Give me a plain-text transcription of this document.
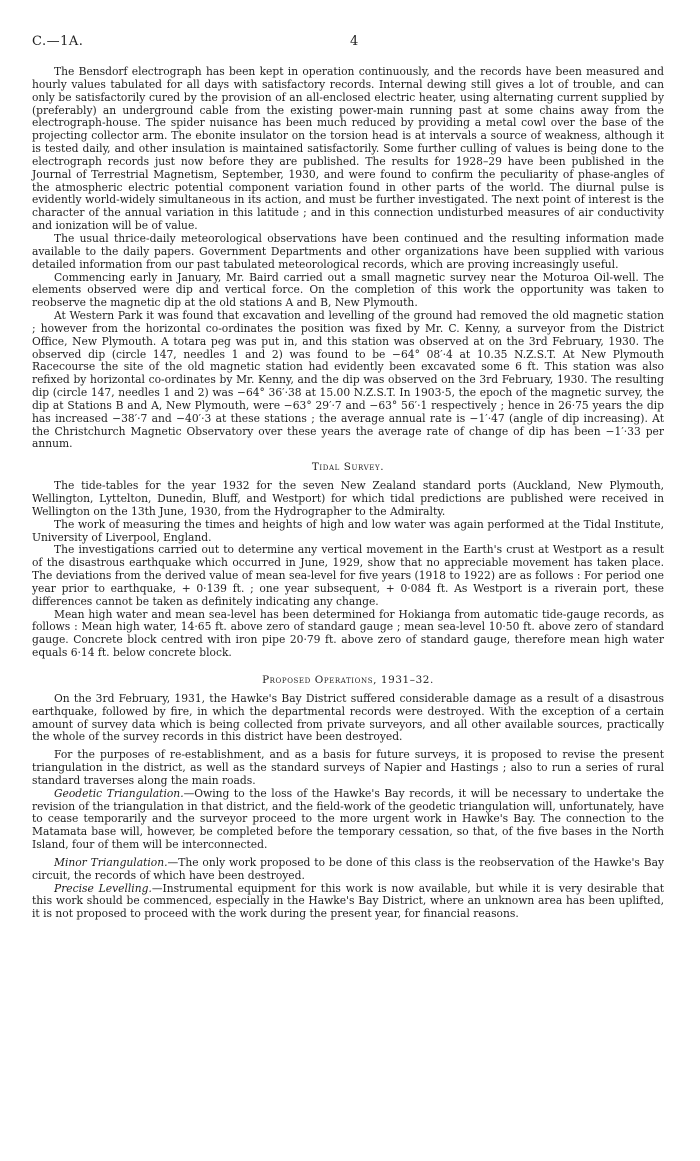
C.—1A.	4

The Bensdorf electrograph has been kept in operation continuously, and the records have been measured and hourly values tabulated for all days with satisfactory records. Internal dewing still gives a lot of trouble, and can only be satisfactorily cured by the provision of an all-enclosed electric heater, using alternating current supplied by (preferably) an underground cable from the existing power-main running past at some chains away from the electrograph-house. The spider nuisance has been much reduced by providing a metal cowl over the base of the projecting collector arm. The ebonite insulator on the torsion head is at intervals a source of weakness, although it is tested daily, and other insulation is maintained satisfactorily. Some further culling of values is being done to the electrograph records just now before they are published. The results for 1928–29 have been published in the Journal of Terrestrial Magnetism, September, 1930, and were found to confirm the peculiarity of phase-angles of the atmospheric electric potential component variation found in other parts of the world. The diurnal pulse is evidently world-widely simultaneous in its action, and must be further investigated. The next point of interest is the character of the annual variation in this latitude ; and in this connection undisturbed measures of air conductivity and ionization will be of value.

The usual thrice-daily meteorological observations have been continued and the resulting information made available to the daily papers. Government Departments and other organizations have been supplied with various detailed information from our past tabulated meteorological records, which are proving increasingly useful.

Commencing early in January, Mr. Baird carried out a small magnetic survey near the Moturoa Oil-well. The elements observed were dip and vertical force. On the completion of this work the opportunity was taken to reobserve the magnetic dip at the old stations A and B, New Plymouth.

At Western Park it was found that excavation and levelling of the ground had removed the old magnetic station ; however from the horizontal co-ordinates the position was fixed by Mr. C. Kenny, a surveyor from the District Office, New Plymouth. A totara peg was put in, and this station was observed at on the 3rd February, 1930. The observed dip (circle 147, needles 1 and 2) was found to be −64° 08′·4 at 10.35 N.Z.S.T. At New Plymouth Racecourse the site of the old magnetic station had evidently been excavated some 6 ft. This station was also refixed by horizontal co-ordinates by Mr. Kenny, and the dip was observed on the 3rd February, 1930. The resulting dip (circle 147, needles 1 and 2) was −64° 36′·38 at 15.00 N.Z.S.T. In 1903·5, the epoch of the magnetic survey, the dip at Stations B and A, New Plymouth, were −63° 29′·7 and −63° 56′·1 respectively ; hence in 26·75 years the dip has increased −38′·7 and −40′·3 at these stations ; the average annual rate is −1′·47 (angle of dip increasing). At the Christchurch Magnetic Observatory over these years the average rate of change of dip has been −1′·33 per annum.

Tidal Survey.

The tide-tables for the year 1932 for the seven New Zealand standard ports (Auckland, New Plymouth, Wellington, Lyttelton, Dunedin, Bluff, and Westport) for which tidal predictions are published were received in Wellington on the 13th June, 1930, from the Hydrographer to the Admiralty.

The work of measuring the times and heights of high and low water was again performed at the Tidal Institute, University of Liverpool, England.

The investigations carried out to determine any vertical movement in the Earth's crust at Westport as a result of the disastrous earthquake which occurred in June, 1929, show that no appreciable movement has taken place. The deviations from the derived value of mean sea-level for five years (1918 to 1922) are as follows : For period one year prior to earthquake, + 0·139 ft. ; one year subsequent, + 0·084 ft. As Westport is a riverain port, these differences cannot be taken as definitely indicating any change.

Mean high water and mean sea-level has been determined for Hokianga from automatic tide-gauge records, as follows : Mean high water, 14·65 ft. above zero of standard gauge ; mean sea-level 10·50 ft. above zero of standard gauge. Concrete block centred with iron pipe 20·79 ft. above zero of standard gauge, therefore mean high water equals 6·14 ft. below concrete block.

Proposed Operations, 1931–32.

On the 3rd February, 1931, the Hawke's Bay District suffered considerable damage as a result of a disastrous earthquake, followed by fire, in which the departmental records were destroyed. With the exception of a certain amount of survey data which is being collected from private surveyors, and all other available sources, practically the whole of the survey records in this district have been destroyed.

For the purposes of re-establishment, and as a basis for future surveys, it is proposed to revise the present triangulation in the district, as well as the standard surveys of Napier and Hastings ; also to run a series of rural standard traverses along the main roads.

Geodetic Triangulation.—Owing to the loss of the Hawke's Bay records, it will be necessary to undertake the revision of the triangulation in that district, and the field-work of the geodetic triangulation will, unfortunately, have to cease temporarily and the surveyor proceed to the more urgent work in Hawke's Bay. The connection to the Matamata base will, however, be completed before the temporary cessation, so that, of the five bases in the North Island, four of them will be interconnected.

Minor Triangulation.—The only work proposed to be done of this class is the reobservation of the Hawke's Bay circuit, the records of which have been destroyed.

Precise Levelling.—Instrumental equipment for this work is now available, but while it is very desirable that this work should be commenced, especially in the Hawke's Bay District, where an unknown area has been uplifted, it is not proposed to proceed with the work during the present year, for financial reasons.
